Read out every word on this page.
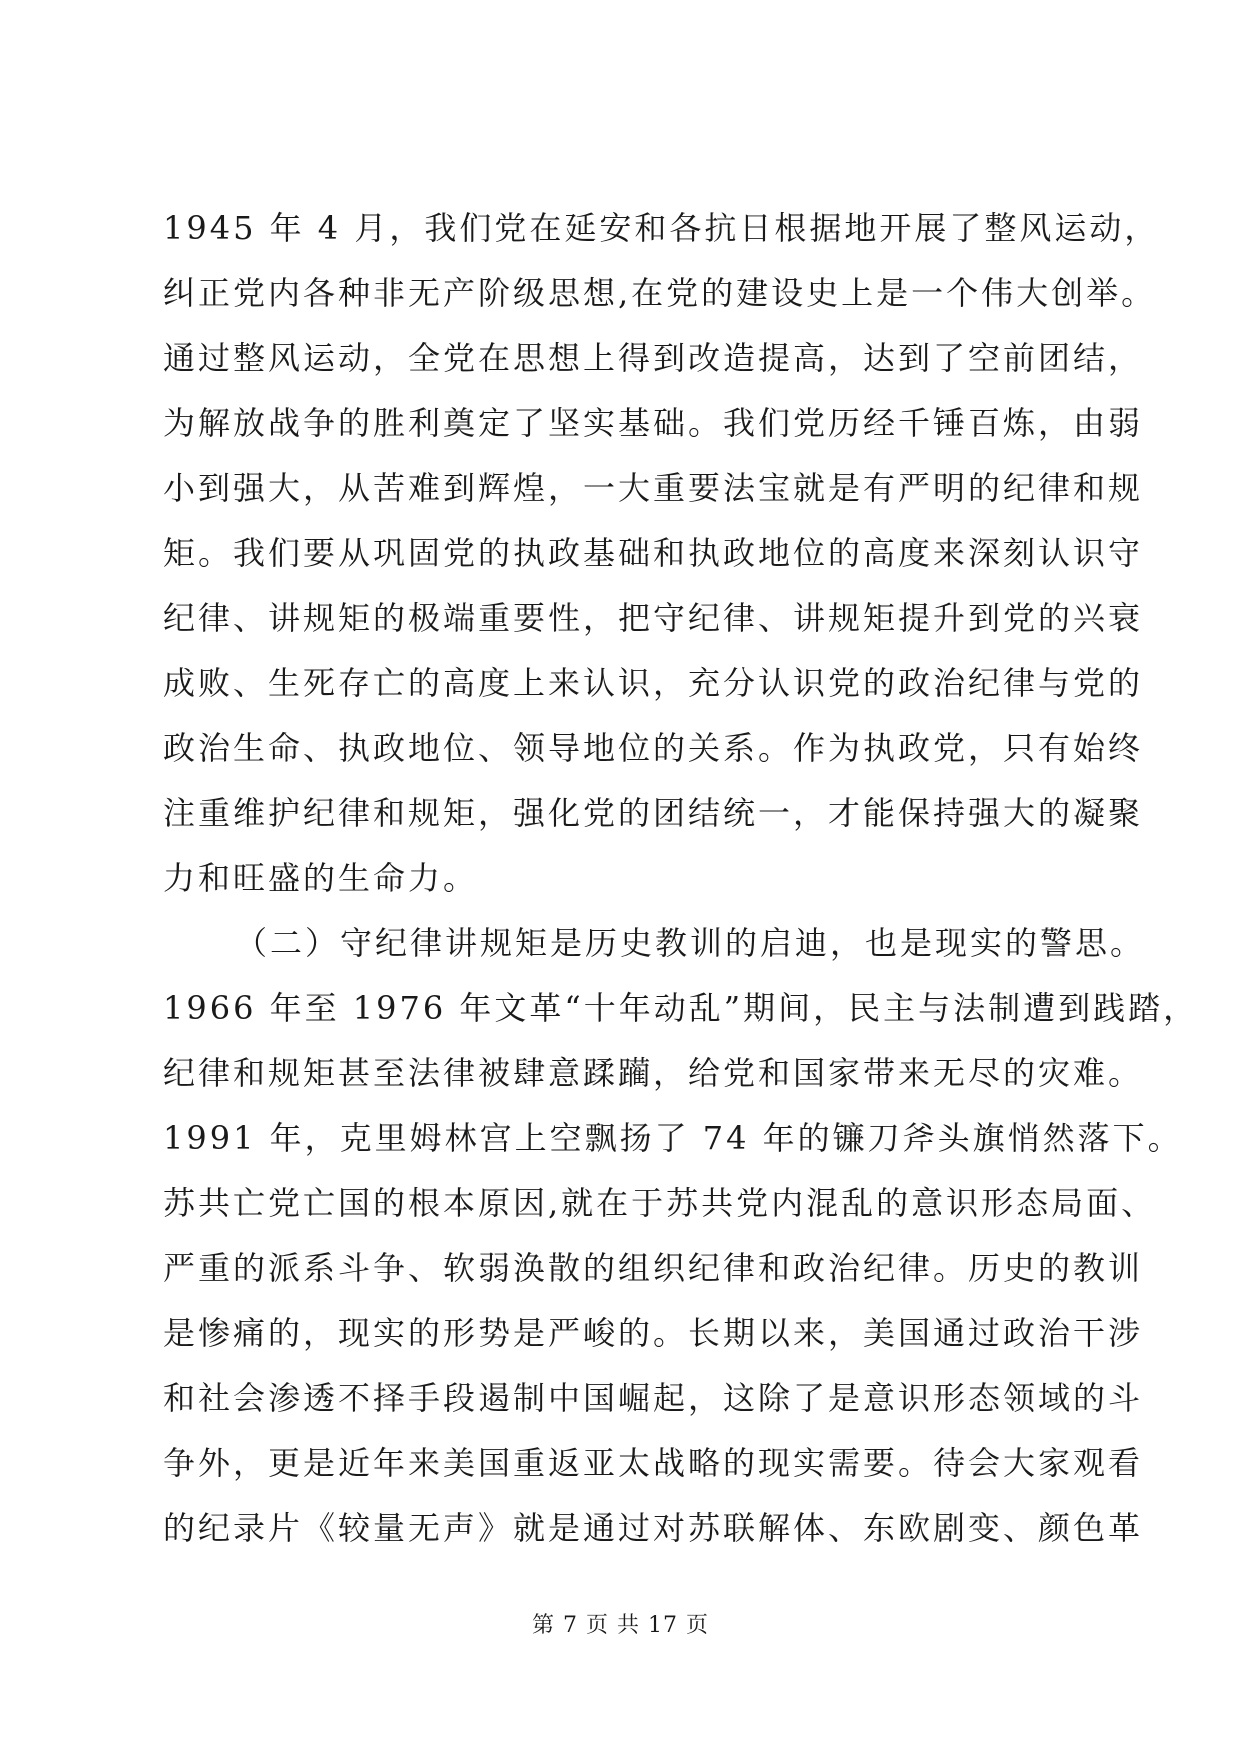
1945 年 4 月，我们党在延安和各抗日根据地开展了整风运动，
纠正党内各种非无产阶级思想,在党的建设史上是一个伟大创举。
通过整风运动，全党在思想上得到改造提高，达到了空前团结，
为解放战争的胜利奠定了坚实基础。我们党历经千锤百炼，由弱
小到强大，从苦难到辉煌，一大重要法宝就是有严明的纪律和规
矩。我们要从巩固党的执政基础和执政地位的高度来深刻认识守
纪律、讲规矩的极端重要性，把守纪律、讲规矩提升到党的兴衰
成败、生死存亡的高度上来认识，充分认识党的政治纪律与党的
政治生命、执政地位、领导地位的关系。作为执政党，只有始终
注重维护纪律和规矩，强化党的团结统一，才能保持强大的凝聚
力和旺盛的生命力。
（二）守纪律讲规矩是历史教训的启迪，也是现实的警思。
1966 年至 1976 年文革“十年动乱”期间，民主与法制遭到践踏，
纪律和规矩甚至法律被肆意蹂躏，给党和国家带来无尽的灾难。
1991 年，克里姆林宫上空飘扬了 74 年的镰刀斧头旗悄然落下。
苏共亡党亡国的根本原因,就在于苏共党内混乱的意识形态局面、
严重的派系斗争、软弱涣散的组织纪律和政治纪律。历史的教训
是惨痛的，现实的形势是严峻的。长期以来，美国通过政治干涉
和社会渗透不择手段遏制中国崛起，这除了是意识形态领域的斗
争外，更是近年来美国重返亚太战略的现实需要。待会大家观看
的纪录片《较量无声》就是通过对苏联解体、东欧剧变、颜色革
第 7 页 共 17 页
